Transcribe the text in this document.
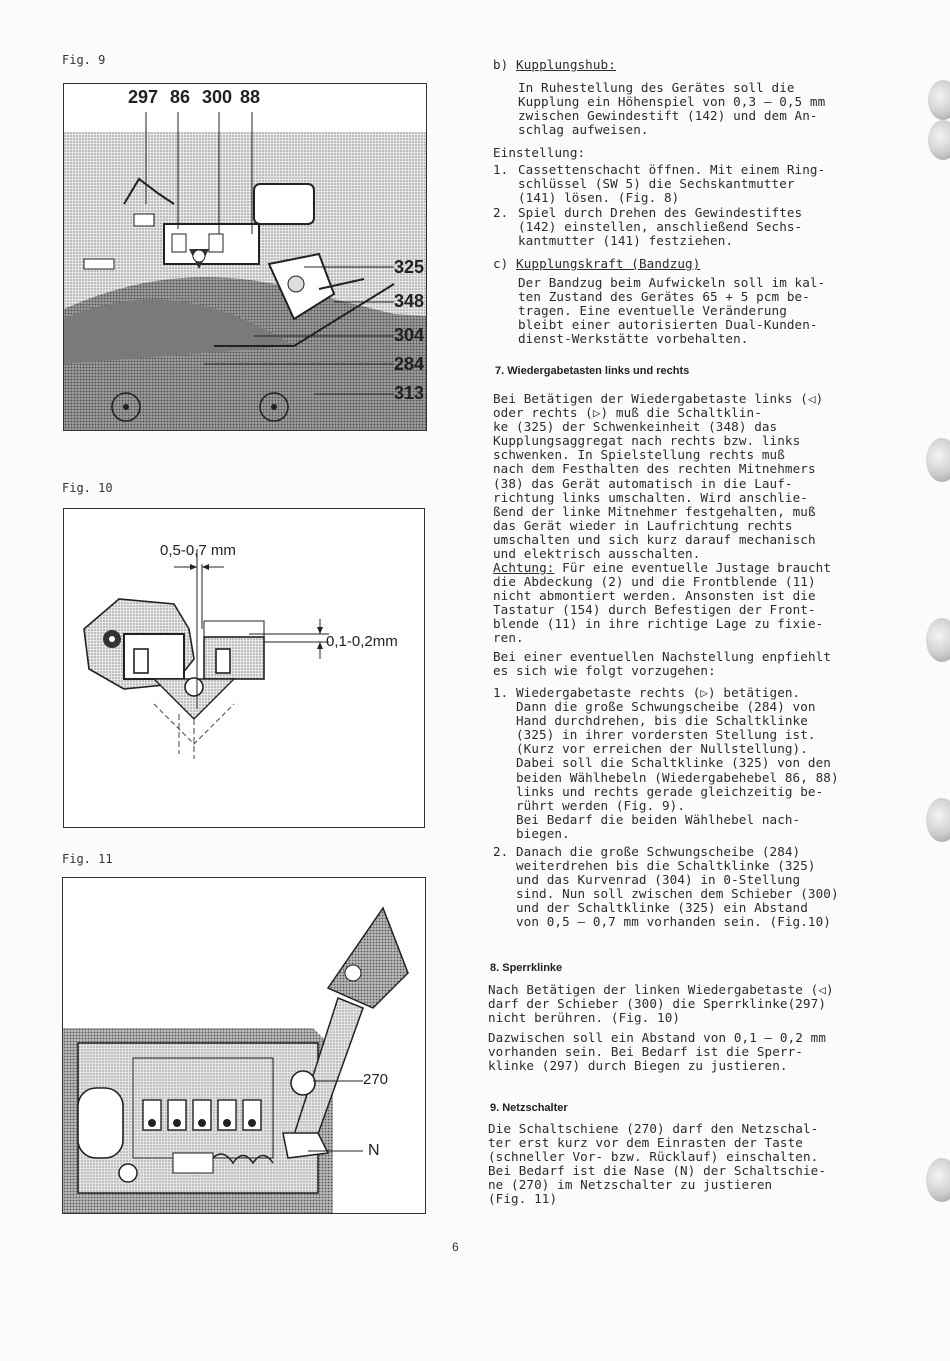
Fig. 9
297 86 300 88
325
348
304
284
313
Fig. 10
0,5-0,7 mm
0,1-0,2mm
Fig. 11
270
N
b) Kupplungshub:
In Ruhestellung des Gerätes soll die
Kupplung ein Höhenspiel von 0,3 – 0,5 mm
zwischen Gewindestift (142) und dem An-
schlag aufweisen.
Einstellung:
1. Cassettenschacht öffnen. Mit einem Ring-
schlüssel (SW 5) die Sechskantmutter
(141) lösen. (Fig. 8)
2. Spiel durch Drehen des Gewindestiftes
(142) einstellen, anschließend Sechs-
kantmutter (141) festziehen.
c) Kupplungskraft (Bandzug)
Der Bandzug beim Aufwickeln soll im kal-
ten Zustand des Gerätes 65 + 5 pcm be-
tragen. Eine eventuelle Veränderung
bleibt einer autorisierten Dual-Kunden-
dienst-Werkstätte vorbehalten.
7. Wiedergabetasten links und rechts
Bei Betätigen der Wiedergabetaste links (◁)
oder rechts (▷) muß die Schaltklin-
ke (325) der Schwenkeinheit (348) das
Kupplungsaggregat nach rechts bzw. links
schwenken. In Spielstellung rechts muß
nach dem Festhalten des rechten Mitnehmers
(38) das Gerät automatisch in die Lauf-
richtung links umschalten. Wird anschlie-
ßend der linke Mitnehmer festgehalten, muß
das Gerät wieder in Laufrichtung rechts
umschalten und sich kurz darauf mechanisch
und elektrisch ausschalten.
Achtung: Für eine eventuelle Justage braucht
die Abdeckung (2) und die Frontblende (11)
nicht abmontiert werden. Ansonsten ist die
Tastatur (154) durch Befestigen der Front-
blende (11) in ihre richtige Lage zu fixie-
ren.
Bei einer eventuellen Nachstellung enpfiehlt
es sich wie folgt vorzugehen:
1. Wiedergabetaste rechts (▷) betätigen.
Dann die große Schwungscheibe (284) von
Hand durchdrehen, bis die Schaltklinke
(325) in ihrer vordersten Stellung ist.
(Kurz vor erreichen der Nullstellung).
Dabei soll die Schaltklinke (325) von den
beiden Wählhebeln (Wiedergabehebel 86, 88)
links und rechts gerade gleichzeitig be-
rührt werden (Fig. 9).
Bei Bedarf die beiden Wählhebel nach-
biegen.
2. Danach die große Schwungscheibe (284)
weiterdrehen bis die Schaltklinke (325)
und das Kurvenrad (304) in 0-Stellung
sind. Nun soll zwischen dem Schieber (300)
und der Schaltklinke (325) ein Abstand
von 0,5 – 0,7 mm vorhanden sein. (Fig.10)
8. Sperrklinke
Nach Betätigen der linken Wiedergabetaste (◁)
darf der Schieber (300) die Sperrklinke(297)
nicht berühren. (Fig. 10)
Dazwischen soll ein Abstand von 0,1 – 0,2 mm
vorhanden sein. Bei Bedarf ist die Sperr-
klinke (297) durch Biegen zu justieren.
9. Netzschalter
Die Schaltschiene (270) darf den Netzschal-
ter erst kurz vor dem Einrasten der Taste
(schneller Vor- bzw. Rücklauf) einschalten.
Bei Bedarf ist die Nase (N) der Schaltschie-
ne (270) im Netzschalter zu justieren
(Fig. 11)
6
